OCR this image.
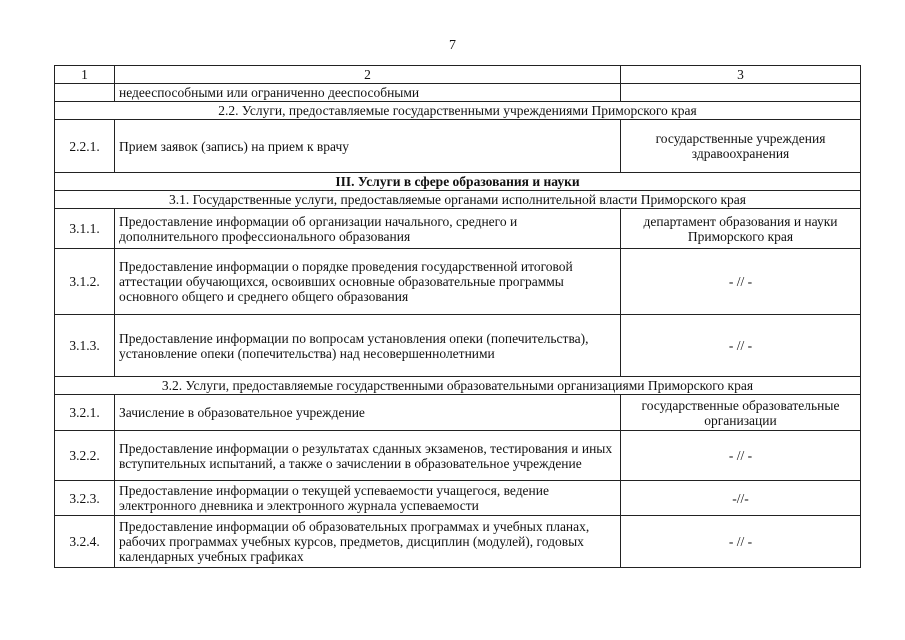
7
1	2	3
	недееспособными или ограниченно дееспособными	
2.2. Услуги, предоставляемые государственными учреждениями Приморского края		
2.2.1.	Прием заявок (запись) на прием к врачу	государственные учреждения здравоохранения
III. Услуги в сфере образования и науки		
3.1. Государственные услуги, предоставляемые органами исполнительной власти Приморского края		
3.1.1.	Предоставление информации об организации начального, среднего и дополнительного профессионального образования	департамент образования и науки Приморского края
3.1.2.	Предоставление информации о порядке проведения государственной итоговой аттестации обучающихся, освоивших основные образовательные программы основного общего и среднего общего образования	- // -
3.1.3.	Предоставление информации по вопросам установления опеки (попечительства), установление опеки (попечительства) над несовершеннолетними	- // -
3.2. Услуги, предоставляемые государственными образовательными организациями Приморского края		
3.2.1.	Зачисление в образовательное учреждение	государственные образовательные организации
3.2.2.	Предоставление информации о результатах сданных экзаменов, тестирования и иных вступительных испытаний, а также о зачислении в образовательное учреждение	- // -
3.2.3.	Предоставление информации о текущей успеваемости учащегося, ведение электронного дневника и электронного журнала успеваемости	-//-
3.2.4.	Предоставление информации об образовательных программах и учебных планах, рабочих программах учебных курсов, предметов, дисциплин (модулей), годовых календарных учебных графиках	- // -
